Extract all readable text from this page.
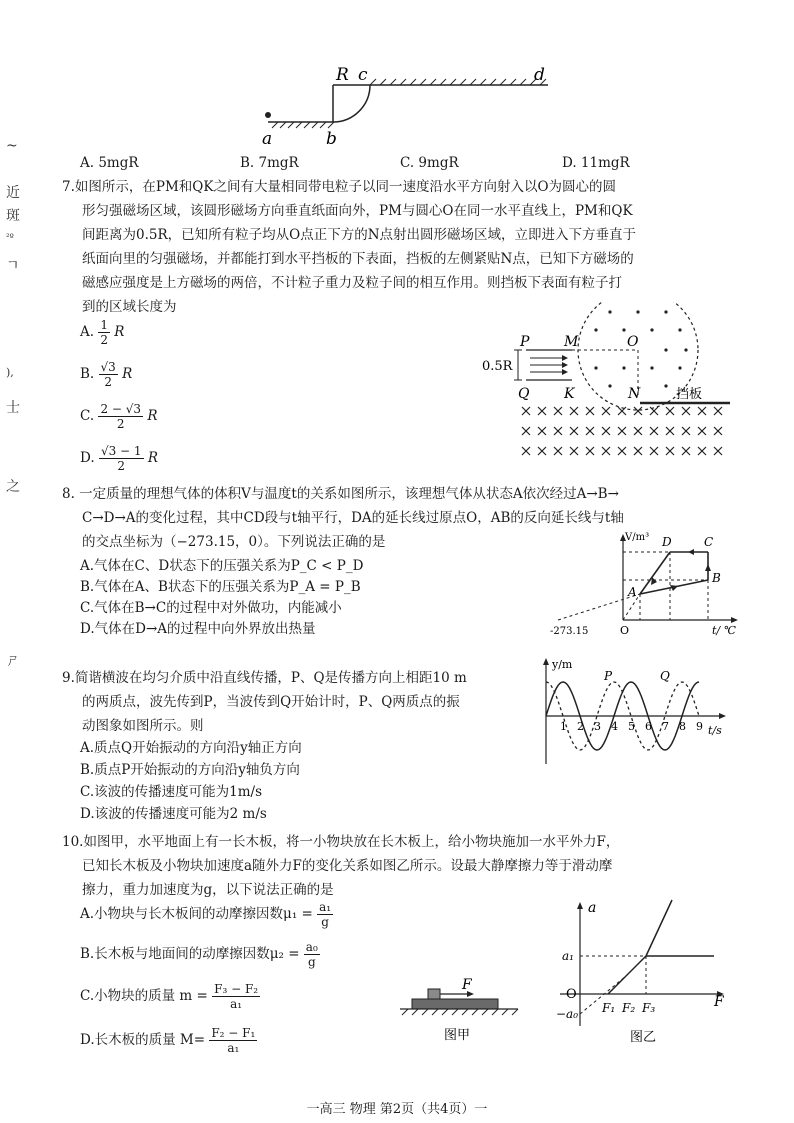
a	b
R c	d
A. 5mgR	B. 7mgR	C. 9mgR	D. 11mgR
~
近
斑
²º
ㄱ
),
士
之
ㄕ
7.如图所示，在PM和QK之间有大量相同带电粒子以同一速度沿水平方向射入以O为圆心的圆
形匀强磁场区域，该圆形磁场方向垂直纸面向外，PM与圆心O在同一水平直线上，PM和QK
间距离为0.5R，已知所有粒子均从O点正下方的N点射出圆形磁场区域，立即进入下方垂直于
纸面向里的匀强磁场，并都能打到水平挡板的下表面，挡板的左侧紧贴N点，已知下方磁场的
磁感应强度是上方磁场的两倍，不计粒子重力及粒子间的相互作用。则挡板下表面有粒子打
到的区域长度为
A. $\frac{1}{2}$ R
B. $\frac{√3}{2}$ R
C. $\frac{2 - √3}{2}$ R
D. $\frac{√3 - 1}{2}$ R
P M	O
0.5R
Q K	N	挡板
8. 一定质量的理想气体的体积V与温度t的关系如图所示，该理想气体从状态A依次经过A→B→
C→D→A的变化过程，其中CD段与t轴平行，DA的延长线过原点O，AB的反向延长线与t轴
的交点坐标为（−273.15，0）。下列说法正确的是
A.气体在C、D状态下的压强关系为P_C < P_D
B.气体在A、B状态下的压强关系为P_A = P_B
C.气体在B→C的过程中对外做功，内能减小
D.气体在D→A的过程中向外界放出热量
V/m³ D	C
B
A
-273.15	O	t/ ℃
9.简谐横波在均匀介质中沿直线传播，P、Q是传播方向上相距10 m
的两质点，波先传到P，当波传到Q开始计时，P、Q两质点的振
动图象如图所示。则
A.质点Q开始振动的方向沿y轴正方向
B.质点P开始振动的方向沿y轴负方向
C.该波的传播速度可能为1m/s
D.该波的传播速度可能为2 m/s
y/m
P	Q
t/s
1 2 3 4 5 6 7 8 9
10.如图甲，水平地面上有一长木板，将一小物块放在长木板上，给小物块施加一水平外力F，
已知长木板及小物块加速度a随外力F的变化关系如图乙所示。设最大静摩擦力等于滑动摩
擦力，重力加速度为g，以下说法正确的是
A.小物块与长木板间的动摩擦因数$\mu_1 = \frac{\text{a₁}}{g}$
B.长木板与地面间的动摩擦因数$\mu_2 = \frac{\text{a₀}}{g}$
C.小物块的质量 $m = \frac{\text{F₃ − F₂}}{\text{a₁}}$
D.长木板的质量 $M= \frac{\text{F₂ − F₁}}{\text{a₁}}$
F
图甲
a
a₁
O
−a₀ F₁ F₂ F₃	F
图乙
一高三 物理 第2页（共4页）一
